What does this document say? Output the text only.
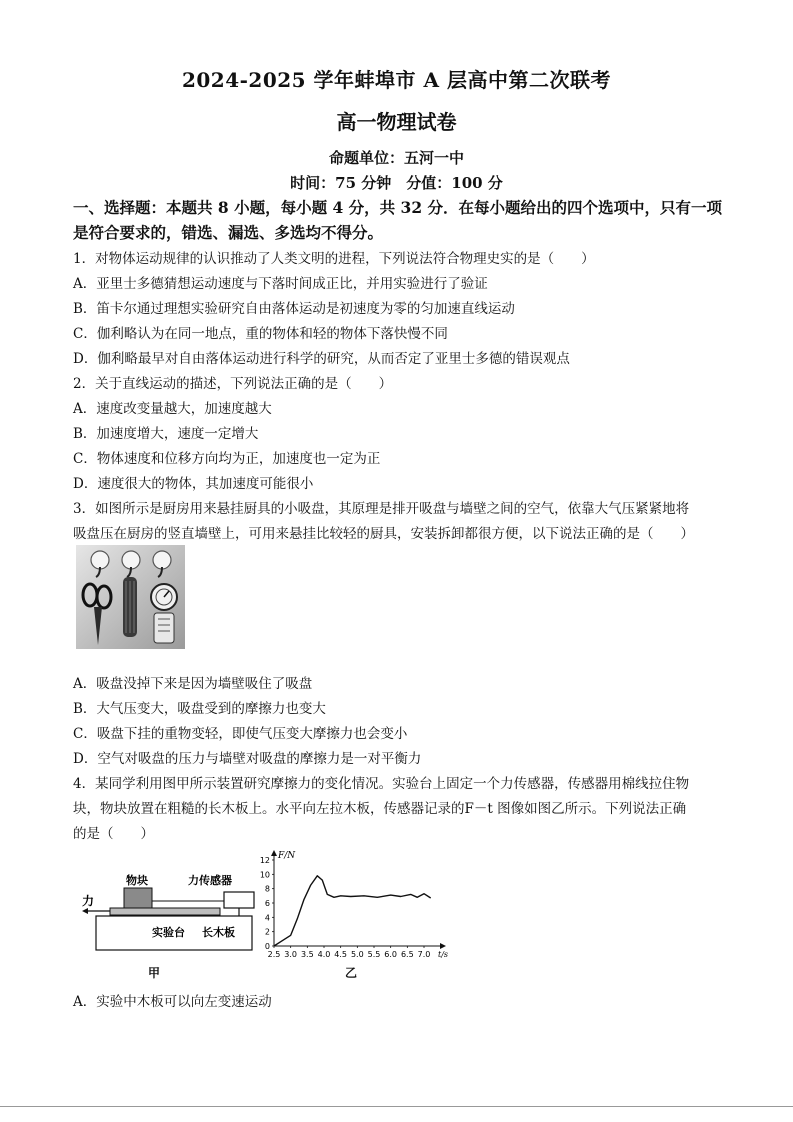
2024-2025 学年蚌埠市 A 层高中第二次联考
高一物理试卷
命题单位：五河一中
时间：75 分钟　分值：100 分
一、选择题：本题共 8 小题，每小题 4 分，共 32 分．在每小题给出的四个选项中，只有一项
是符合要求的，错选、漏选、多选均不得分。
1．对物体运动规律的认识推动了人类文明的进程，下列说法符合物理史实的是（　　）
A．亚里士多德猜想运动速度与下落时间成正比，并用实验进行了验证
B．笛卡尔通过理想实验研究自由落体运动是初速度为零的匀加速直线运动
C．伽利略认为在同一地点，重的物体和轻的物体下落快慢不同
D．伽利略最早对自由落体运动进行科学的研究，从而否定了亚里士多德的错误观点
2．关于直线运动的描述，下列说法正确的是（　　）
A．速度改变量越大，加速度越大
B．加速度增大，速度一定增大
C．物体速度和位移方向均为正，加速度也一定为正
D．速度很大的物体，其加速度可能很小
3．如图所示是厨房用来悬挂厨具的小吸盘，其原理是排开吸盘与墙壁之间的空气，依靠大气压紧紧地将
吸盘压在厨房的竖直墙壁上，可用来悬挂比较轻的厨具，安装拆卸都很方便，以下说法正确的是（　　）
A．吸盘没掉下来是因为墙壁吸住了吸盘
B．大气压变大，吸盘受到的摩擦力也变大
C．吸盘下挂的重物变轻，即使气压变大摩擦力也会变小
D．空气对吸盘的压力与墙壁对吸盘的摩擦力是一对平衡力
4．某同学利用图甲所示装置研究摩擦力的变化情况。实验台上固定一个力传感器，传感器用棉线拉住物
块，物块放置在粗糙的长木板上。水平向左拉木板，传感器记录的F－t 图像如图乙所示。下列说法正确
的是（　　）
力
物块	力传感器
实验台 长木板
甲
0
2
4
6
8
10
12
2.5 3.0 3.5 4.0 4.5 5.0 5.5 6.0 6.5 7.0
F/N
t/s
乙
A．实验中木板可以向左变速运动
